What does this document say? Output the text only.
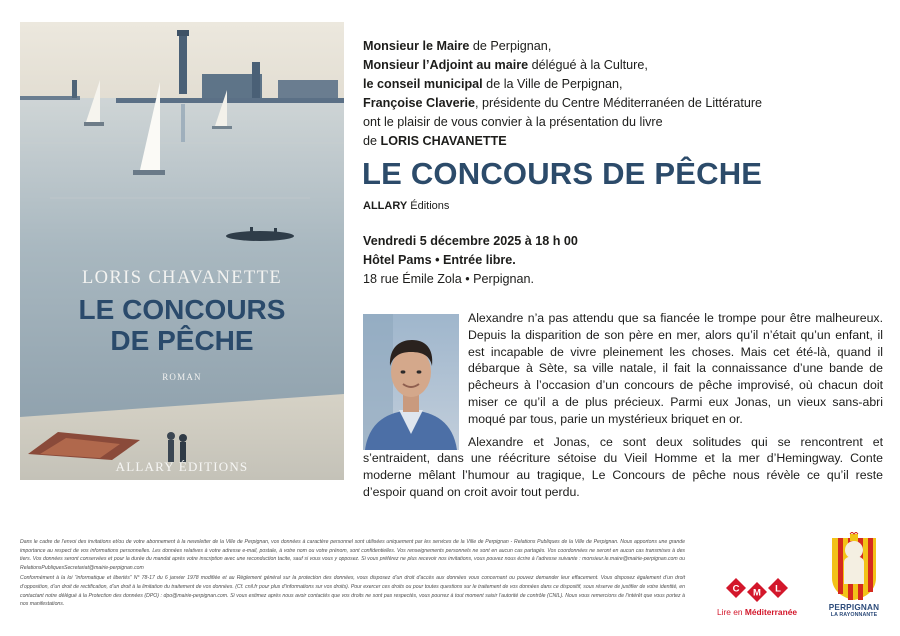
LORIS CHAVANETTE
LE CONCOURS
DE PÊCHE
ROMAN
ALLARY ÉDITIONS

Monsieur le Maire de Perpignan,

Monsieur l’Adjoint au maire délégué à la Culture,

le conseil municipal de la Ville de Perpignan,

Françoise Claverie, présidente du Centre Méditerranéen de Littérature

ont le plaisir de vous convier à la présentation du livre

de LORIS CHAVANETTE

LE CONCOURS DE PÊCHE
ALLARY Éditions

Vendredi 5 décembre 2025 à 18 h 00

Hôtel Pams • Entrée libre.

18 rue Émile Zola • Perpignan.

Alexandre n’a pas attendu que sa fiancée le trompe pour être malheureux. Depuis la disparition de son père en mer, alors qu’il n’était qu’un enfant, il est incapable de vivre pleinement les choses. Mais cet été-là, quand il débarque à Sète, sa ville natale, il fait la connaissance d’une bande de pêcheurs à l’occasion d’un concours de pêche improvisé, où chacun doit miser ce qu’il a de plus précieux. Parmi eux Jonas, un vieux sans-abri moqué par tous, parie un mystérieux briquet en or.

Alexandre et Jonas, ce sont deux solitudes qui se rencontrent et s’entraident, dans une réécriture sétoise du Vieil Homme et la mer d’Hemingway. Conte moderne mêlant l’humour au tragique, Le Concours de pêche nous révèle ce qu’il reste d’espoir quand on croit avoir tout perdu.

Dans le cadre de l’envoi des invitations et/ou de votre abonnement à la newsletter de la Ville de Perpignan, vos données à caractère personnel sont utilisées uniquement par les services de la Ville de Perpignan - Relations Publiques de la Ville de Perpignan. Nous apportons une grande importance au respect de vos informations personnelles. Les données relatives à votre adresse e-mail, postale, à votre nom ou votre prénom, sont confidentielles. Vos renseignements personnels ne sont en aucun cas partagés. Vos coordonnées ne seront en aucun cas transmises à des tiers. Vos données seront conservées et pour la durée du mandat après votre inscription avec une reconduction tacite, sauf si vous vous y opposez. Si vous préférez ne plus recevoir nos invitations, vous pouvez nous écrire à l’adresse suivante : monsieur.le.maire@mairie-perpignan.com ou RelationsPubliquesSecretariat@mairie-perpignan.com

Conformément à la loi “informatique et libertés” N° 78-17 du 6 janvier 1978 modifiée et au Règlement général sur la protection des données, vous disposez d’un droit d’accès aux données vous concernant ou pouvez demander leur effacement. Vous disposez également d’un droit d’opposition, d’un droit de rectification, d’un droit à la limitation du traitement de vos données. (Cf. cnil.fr pour plus d’informations sur vos droits). Pour exercer ces droits ou pour toutes questions sur le traitement de vos données dans ce dispositif, sous réserve de justifier de votre identité, en contactant notre délégué à la Protection des données (DPO) : dpo@mairie-perpignan.com. Si vous estimez après nous avoir contactés que vos droits ne sont pas respectés, vous pourrez à tout moment saisir l’autorité de contrôle (CNIL). Nous vous remercions de l’intérêt que vous portez à nos manifestations.

C M L
Lire en Méditerranée	PERPIGNAN
LA RAYONNANTE
